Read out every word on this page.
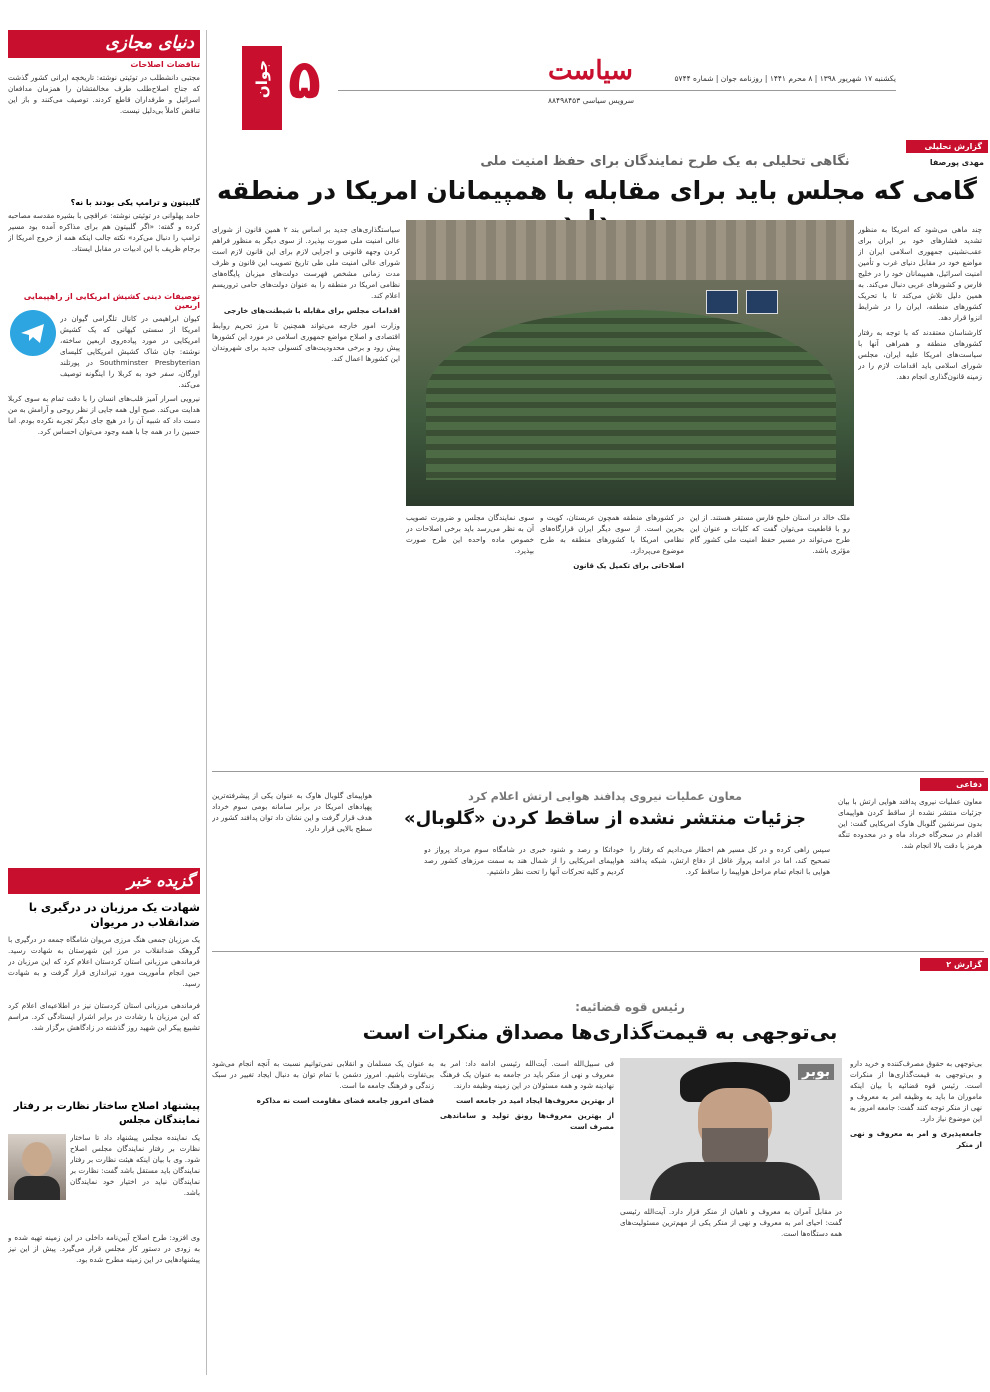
دنیای مجازی
تناقضات اصلاحات
مجتبی دانشطلب در توئیتی نوشته: تاریخچه ایرانی کشور گذشت که جناح اصلاح‌طلب طرف مخالفتشان را همزمان مدافعان اسرائیل و طرفداران قاطع کردند. توصیف می‌کنند و باز این تناقض کاملاً بی‌دلیل نیست.
گلبیتون و ترامپ یکی بودند با نه؟
حامد پهلوانی در توئیتی نوشته: عراقچی با بشیره مقدسه مصاحبه کرده و گفته: «اگر گلبیتون هم برای مذاکره آمده بود مسیر ترامپ را دنبال می‌کرد» نکته جالب اینکه همه از خروج امریکا از برجام ظریف با این ادبیات در مقابل ایستاد.
توصیفات دینی کشیش امریکایی از راهپیمایی اربعین
کیوان ابراهیمی در کانال تلگرامی گیوان در امریکا از سستی کیهانی که یک کشیش امریکایی در مورد پیاده‌روی اربعین ساخته، نوشته: جان شاک کشیش امریکایی کلیسای Southminster Presbyterian در پورتلند اورگان، سفر خود به کربلا را اینگونه توصیف می‌کند.
نیرویی اسرار آمیز قلب‌های انسان را با دقت تمام به سوی کربلا هدایت می‌کند. صبح اول همه جایی از نظر روحی و آرامش به من دست داد که شبیه آن را در هیچ جای دیگر تجربه نکرده بودم. اما حسین را در همه جا با همه وجود می‌توان احساس کرد.
گزیده خبر
شهادت یک مرزبان در درگیری با ضدانقلاب در مریوان
یک مرزبان جمعی هنگ مرزی مریوان شامگاه جمعه در درگیری با گروهک ضدانقلاب در مرز این شهرستان به شهادت رسید. فرماندهی مرزبانی استان کردستان اعلام کرد که این مرزبان در حین انجام مأموریت مورد تیراندازی قرار گرفت و به شهادت رسید.
فرماندهی مرزبانی استان کردستان نیز در اطلاعیه‌ای اعلام کرد که این مرزبان با رشادت در برابر اشرار ایستادگی کرد. مراسم تشییع پیکر این شهید روز گذشته در زادگاهش برگزار شد.
پیشنهاد اصلاح ساختار نظارت بر رفتار نمایندگان مجلس
یک نماینده مجلس پیشنهاد داد تا ساختار نظارت بر رفتار نمایندگان مجلس اصلاح شود. وی با بیان اینکه هیئت نظارت بر رفتار نمایندگان باید مستقل باشد گفت: نظارت بر نمایندگان نباید در اختیار خود نمایندگان باشد.
وی افزود: طرح اصلاح آیین‌نامه داخلی در این زمینه تهیه شده و به زودی در دستور کار مجلس قرار می‌گیرد. پیش از این نیز پیشنهادهایی در این زمینه مطرح شده بود.
جوان ۵	سیاست
سرویس سیاسی ۸۸۴۹۸۴۵۳
یکشنبه ۱۷ شهریور ۱۳۹۸ | ۸ محرم ۱۴۴۱ | روزنامه جوان | شماره ۵۷۴۴
گزارش تحلیلی
مهدی پورصفا
نگاهی تحلیلی به یک طرح نمایندگان برای حفظ امنیت ملی
گامی که مجلس باید برای مقابله با همپیمانان امریکا در منطقه

چند ماهی می‌شود که امریکا به منظور تشدید فشارهای خود بر ایران برای عقب‌نشینی جمهوری اسلامی ایران از مواضع خود در مقابل دنیای غرب و تأمین امنیت اسرائیل، همپیمانان خود را در خلیج فارس و کشورهای عربی دنبال می‌کند. به همین دلیل تلاش می‌کند تا با تحریک کشورهای منطقه، ایران را در شرایط انزوا قرار دهد.

کارشناسان معتقدند که با توجه به رفتار کشورهای منطقه و همراهی آنها با سیاست‌های امریکا علیه ایران، مجلس شورای اسلامی باید اقدامات لازم را در زمینه قانون‌گذاری انجام دهد.

ملک خالد در استان خلیج فارس مستقر هستند. از این رو با قاطعیت می‌توان گفت که کلیات و عنوان این طرح می‌تواند در مسیر حفظ امنیت ملی کشور گام مؤثری باشد.

در کشورهای منطقه همچون عربستان، کویت و بحرین است. از سوی دیگر ایران قرارگاه‌های نظامی امریکا با کشورهای منطقه به طرح موضوع می‌پردازد.

اصلاحاتی برای تکمیل یک قانون

سوی نمایندگان مجلس و ضرورت تصویب آن به نظر می‌رسد باید برخی اصلاحات در خصوص ماده واحده این طرح صورت بپذیرد.

سیاستگذاری‌های جدید بر اساس بند ۲ همین قانون از شورای عالی امنیت ملی صورت بپذیرد. از سوی دیگر به منظور فراهم کردن وجهه قانونی و اجرایی لازم برای این قانون لازم است شورای عالی امنیت ملی طی تاریخ تصویب این قانون و ظرف مدت زمانی مشخص فهرست دولت‌های میزبان پایگاه‌های نظامی امریکا در منطقه را به عنوان دولت‌های حامی تروریسم اعلام کند.

اقدامات مجلس برای مقابله با شیطنت‌های خارجی

وزارت امور خارجه می‌تواند همچنین تا مرز تحریم روابط اقتصادی و اصلاح مواضع جمهوری اسلامی در مورد این کشورها پیش رود و برخی محدودیت‌های کنسولی جدید برای شهروندان این کشورها اعمال کند.

دفاعی
معاون عملیات نیروی پدافند هوایی ارتش اعلام کرد
جزئیات منتشر نشده از ساقط کردن «گلوبال»
معاون عملیات نیروی پدافند هوایی ارتش با بیان جزئیات منتشر نشده از ساقط کردن هواپیمای بدون سرنشین گلوبال هاوک امریکایی گفت: این اقدام در سحرگاه خرداد ماه و در محدوده تنگه هرمز با دقت بالا انجام شد.
سپس راهی کرده و در کل مسیر هم اخطار می‌دادیم که رفتار را تصحیح کند، اما در ادامه پرواز غافل از دفاع ارتش، شبکه پدافند هوایی با انجام تمام مراحل هواپیما را ساقط کرد.
خوداتکا و رصد و شنود خبری در شامگاه سوم مرداد پرواز دو هواپیمای امریکایی را از شمال هند به سمت مرزهای کشور رصد کردیم و کلیه تحرکات آنها را تحت نظر داشتیم.
هواپیمای گلوبال هاوک به عنوان یکی از پیشرفته‌ترین پهپادهای امریکا در برابر سامانه بومی سوم خرداد هدف قرار گرفت و این نشان داد توان پدافند کشور در سطح بالایی قرار دارد.
گزارش ۲
رئیس قوه قضائیه:
بی‌توجهی به قیمت‌گذاری‌ها مصداق منکرات است

بی‌توجهی به حقوق مصرف‌کننده و خرید دارو و بی‌توجهی به قیمت‌گذاری‌ها از منکرات است. رئیس قوه قضائیه با بیان اینکه ماموران ما باید به وظیفه امر به معروف و نهی از منکر توجه کنند گفت: جامعه امروز به این موضوع نیاز دارد.

جامعه‌پذیری و امر به معروف و نهی از منکر

بوبر

در مقابل آمران به معروف و ناهیان از منکر قرار دارد. آیت‌الله رئیسی گفت: احیای امر به معروف و نهی از منکر یکی از مهم‌ترین مسئولیت‌های همه دستگاه‌ها است.

فی سبیل‌الله است. آیت‌الله رئیسی ادامه داد: امر به معروف و نهی از منکر باید در جامعه به عنوان یک فرهنگ نهادینه شود و همه مسئولان در این زمینه وظیفه دارند.

از بهترین معروف‌ها ایجاد امید در جامعه است

از بهترین معروف‌ها رونق تولید و ساماندهی مصرف است

به عنوان یک مسلمان و انقلابی نمی‌توانیم نسبت به آنچه انجام می‌شود بی‌تفاوت باشیم. امروز دشمن با تمام توان به دنبال ایجاد تغییر در سبک زندگی و فرهنگ جامعه ما است.

فضای امروز جامعه فضای مقاومت است نه مذاکره
